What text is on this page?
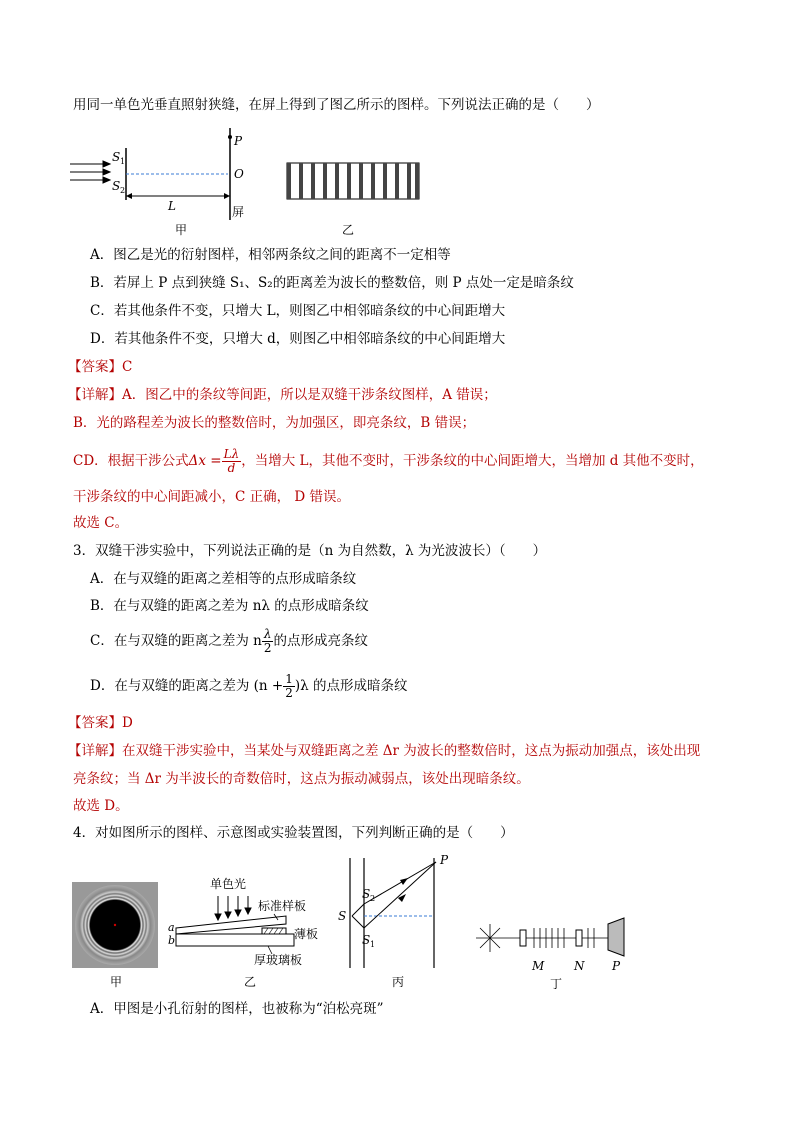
用同一单色光垂直照射狭缝，在屏上得到了图乙所示的图样。下列说法正确的是（　　）
S 1
S 2
P
O
L	屏
甲	乙
A．图乙是光的衍射图样，相邻两条纹之间的距离不一定相等
B．若屏上 P 点到狭缝 S₁、S₂的距离差为波长的整数倍，则 P 点处一定是暗条纹
C．若其他条件不变，只增大 L，则图乙中相邻暗条纹的中心间距增大
D．若其他条件不变，只增大 d，则图乙中相邻暗条纹的中心间距增大
【答案】C
【详解】A．图乙中的条纹等间距，所以是双缝干涉条纹图样，A 错误；
B．光的路程差为波长的整数倍时，为加强区，即亮条纹，B 错误；
CD．根据干涉公式$\Delta x = \frac{L\lambda}{d}$ ，当增大 L，其他不变时，干涉条纹的中心间距增大，当增加 d 其他不变时，
干涉条纹的中心间距减小，C 正确， D 错误。
故选 C。
3．双缝干涉实验中，下列说法正确的是（n 为自然数，λ 为光波波长）（　　）
A．在与双缝的距离之差相等的点形成暗条纹
B．在与双缝的距离之差为 nλ 的点形成暗条纹
C．在与双缝的距离之差为 n $\frac{\lambda}{2}$ 的点形成亮条纹
D．在与双缝的距离之差为 $(n + \frac{1}{2} )\lambda$ 的点形成暗条纹
【答案】D
【详解】在双缝干涉实验中，当某处与双缝距离之差 Δr 为波长的整数倍时，这点为振动加强点，该处出现
亮条纹；当 Δr 为半波长的奇数倍时，这点为振动减弱点，该处出现暗条纹。
故选 D。
4．对如图所示的图样、示意图或实验装置图，下列判断正确的是（　　）
甲
单色光
a
b
标准样板
薄板
厚玻璃板
乙
S
S 2
S 1
P
丙
M N P
丁
A．甲图是小孔衍射的图样，也被称为“泊松亮斑”
